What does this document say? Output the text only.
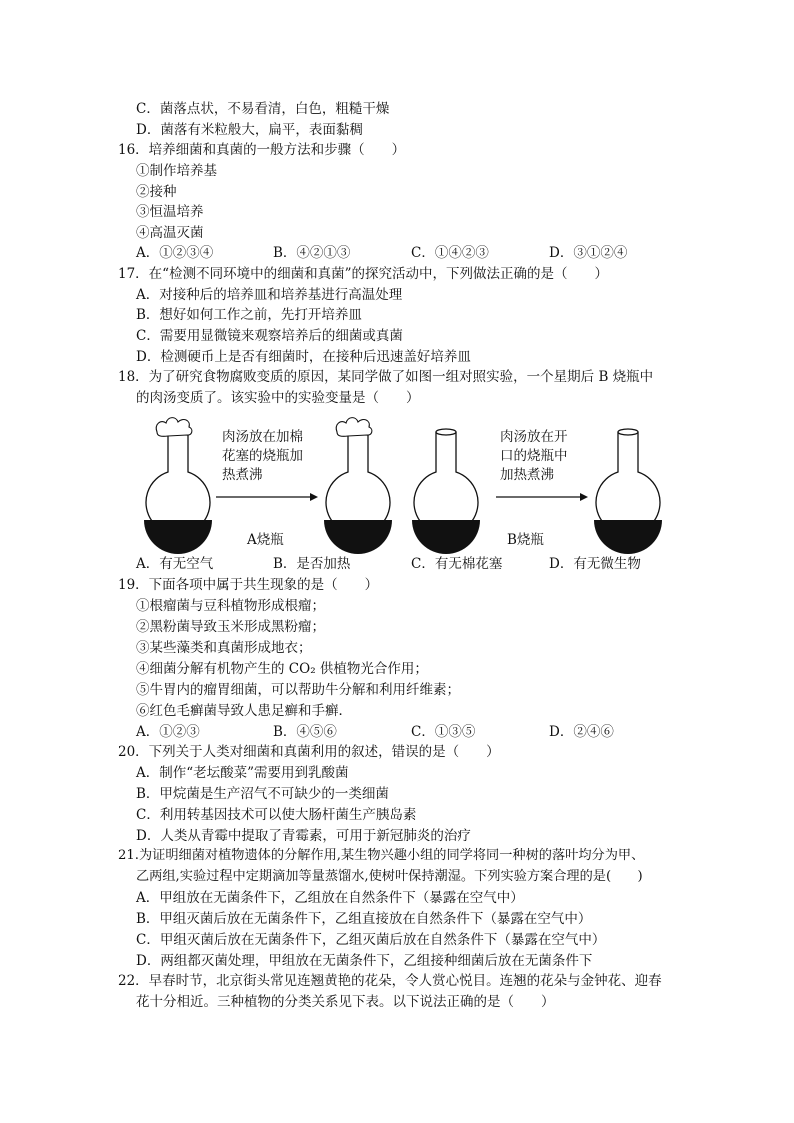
C．菌落点状，不易看清，白色，粗糙干燥
D．菌落有米粒般大，扁平，表面黏稠
16．培养细菌和真菌的一般方法和步骤（　　）
①制作培养基
②接种
③恒温培养
④高温灭菌
A．①②③④	B．④②①③	C．①④②③	D．③①②④
17．在“检测不同环境中的细菌和真菌”的探究活动中，下列做法正确的是（　　）
A．对接种后的培养皿和培养基进行高温处理
B．想好如何工作之前，先打开培养皿
C．需要用显微镜来观察培养后的细菌或真菌
D．检测硬币上是否有细菌时，在接种后迅速盖好培养皿
18．为了研究食物腐败变质的原因，某同学做了如图一组对照实验，一个星期后 B 烧瓶中
的肉汤变质了。该实验中的实验变量是（　　）
肉汤放在加棉
花塞的烧瓶加
热煮沸
肉汤放在开
口的烧瓶中
加热煮沸
A烧瓶	B烧瓶
A．有无空气	B．是否加热	C．有无棉花塞	D．有无微生物
19．下面各项中属于共生现象的是（　　）
①根瘤菌与豆科植物形成根瘤；
②黑粉菌导致玉米形成黑粉瘤；
③某些藻类和真菌形成地衣；
④细菌分解有机物产生的 CO₂ 供植物光合作用；
⑤牛胃内的瘤胃细菌，可以帮助牛分解和利用纤维素；
⑥红色毛癣菌导致人患足癣和手癣．
A．①②③	B．④⑤⑥	C．①③⑤	D．②④⑥
20．下列关于人类对细菌和真菌利用的叙述，错误的是（　　）
A．制作“老坛酸菜”需要用到乳酸菌
B．甲烷菌是生产沼气不可缺少的一类细菌
C．利用转基因技术可以使大肠杆菌生产胰岛素
D．人类从青霉中提取了青霉素，可用于新冠肺炎的治疗
21.为证明细菌对植物遗体的分解作用,某生物兴趣小组的同学将同一种树的落叶均分为甲、
乙两组,实验过程中定期滴加等量蒸馏水,使树叶保持潮湿。下列实验方案合理的是(　　)
A．甲组放在无菌条件下，乙组放在自然条件下（暴露在空气中）
B．甲组灭菌后放在无菌条件下，乙组直接放在自然条件下（暴露在空气中）
C．甲组灭菌后放在无菌条件下，乙组灭菌后放在自然条件下（暴露在空气中）
D．两组都灭菌处理，甲组放在无菌条件下，乙组接种细菌后放在无菌条件下
22．早春时节，北京街头常见连翘黄艳的花朵，令人赏心悦目。连翘的花朵与金钟花、迎春
花十分相近。三种植物的分类关系见下表。以下说法正确的是（　　）
